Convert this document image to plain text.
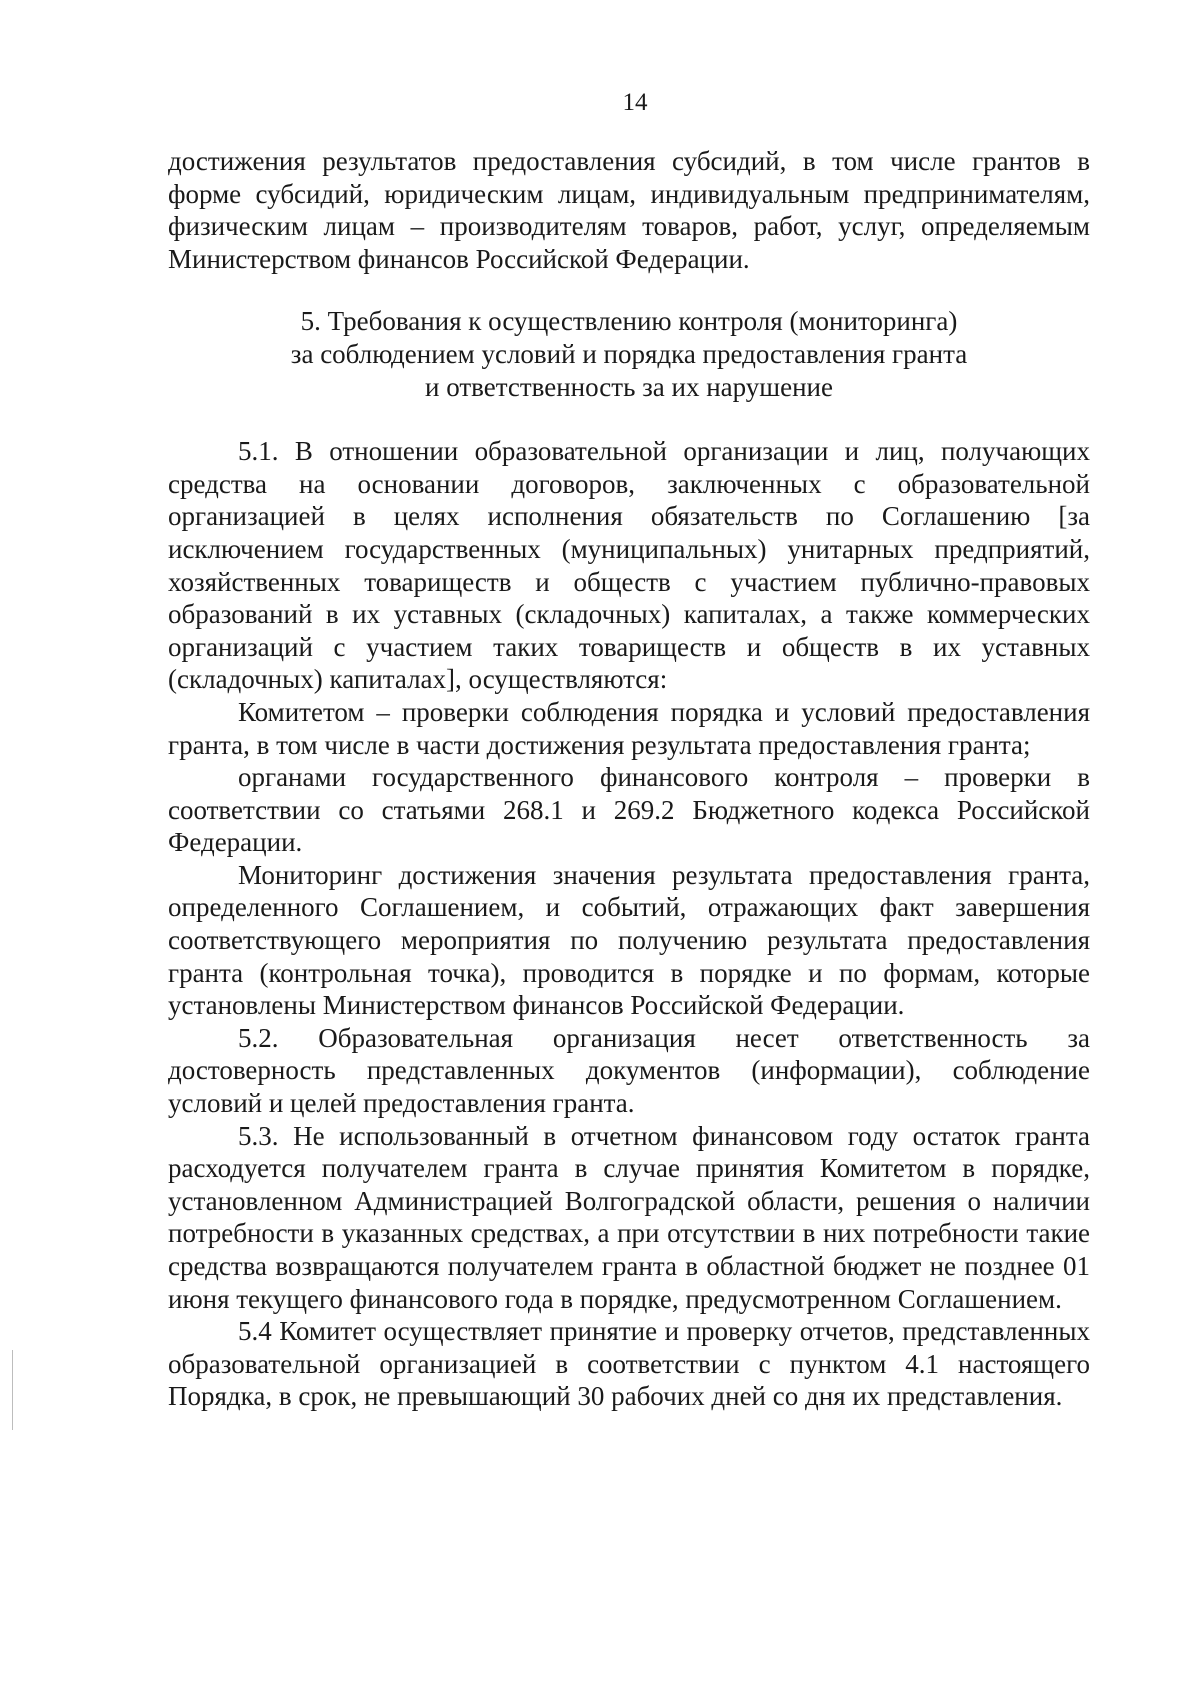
14

достижения результатов предоставления субсидий, в том числе грантов в форме субсидий, юридическим лицам, индивидуальным предпринимателям, физическим лицам – производителям товаров, работ, услуг, определяемым Министерством финансов Российской Федерации.

5. Требования к осуществлению контроля (мониторинга)
за соблюдением условий и порядка предоставления гранта
и ответственность за их нарушение

5.1. В отношении образовательной организации и лиц, получающих средства на основании договоров, заключенных с образовательной организацией в целях исполнения обязательств по Соглашению [за исключением государственных (муниципальных) унитарных предприятий, хозяйственных товариществ и обществ с участием публично-правовых образований в их уставных (складочных) капиталах, а также коммерческих организаций с участием таких товариществ и обществ в их уставных (складочных) капиталах], осуществляются:

Комитетом – проверки соблюдения порядка и условий предоставления гранта, в том числе в части достижения результата предоставления гранта;

органами государственного финансового контроля – проверки в соответствии со статьями 268.1 и 269.2 Бюджетного кодекса Российской Федерации.

Мониторинг достижения значения результата предоставления гранта, определенного Соглашением, и событий, отражающих факт завершения соответствующего мероприятия по получению результата предоставления гранта (контрольная точка), проводится в порядке и по формам, которые установлены Министерством финансов Российской Федерации.

5.2. Образовательная организация несет ответственность за достоверность представленных документов (информации), соблюдение условий и целей предоставления гранта.

5.3. Не использованный в отчетном финансовом году остаток гранта расходуется получателем гранта в случае принятия Комитетом в порядке, установленном Администрацией Волгоградской области, решения о наличии потребности в указанных средствах, а при отсутствии в них потребности такие средства возвращаются получателем гранта в областной бюджет не позднее 01 июня текущего финансового года в порядке, предусмотренном Соглашением.

5.4 Комитет осуществляет принятие и проверку отчетов, представленных образовательной организацией в соответствии с пунктом 4.1 настоящего Порядка, в срок, не превышающий 30 рабочих дней со дня их представления.
